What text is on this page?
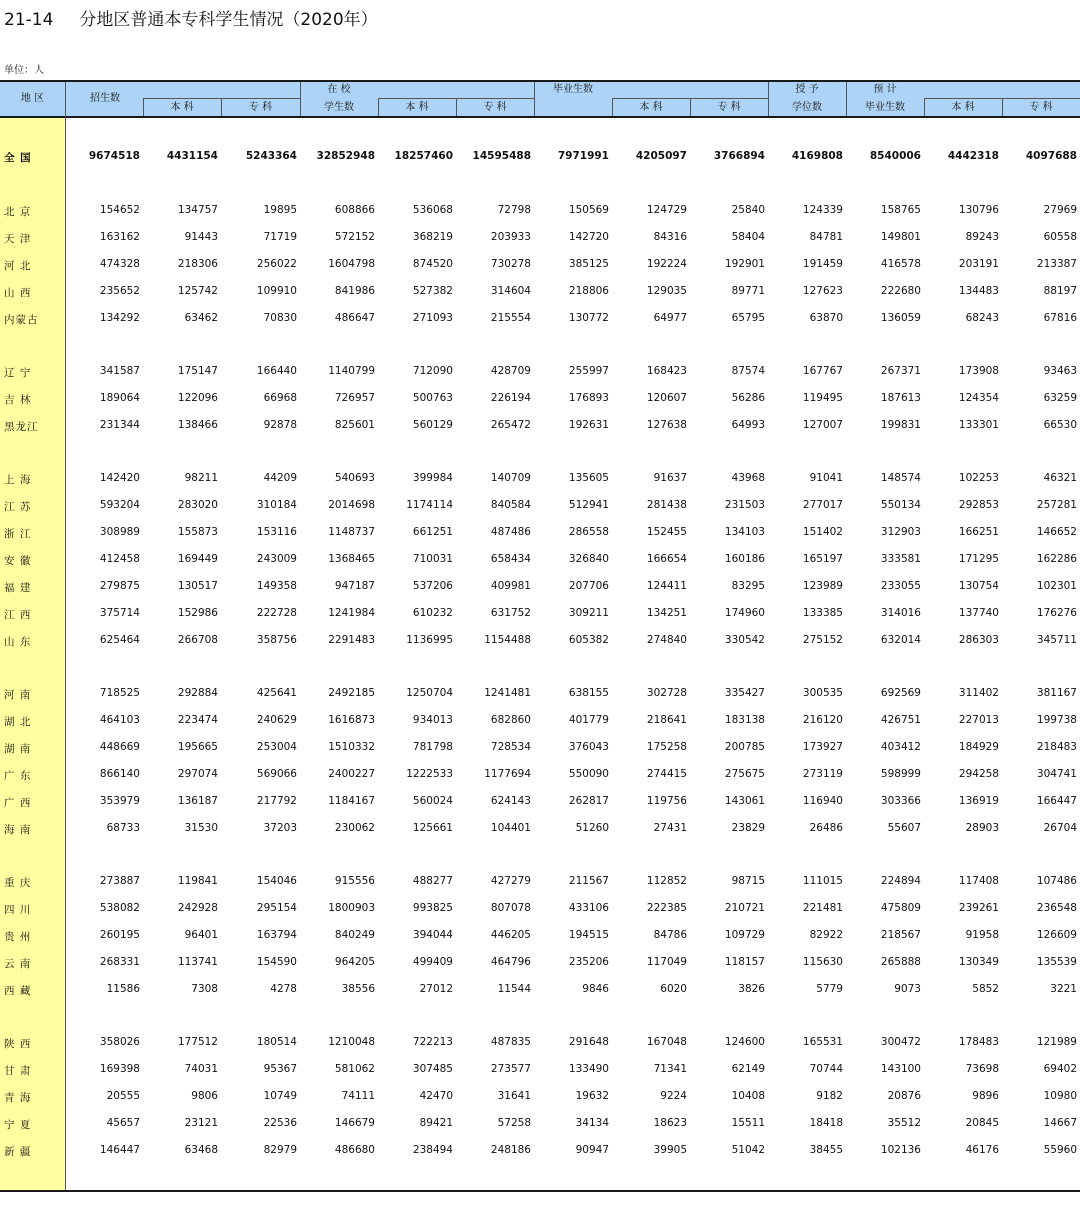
21-14 分地区普通本专科学生情况（2020年）
单位：人
地 区	招生数
本 科	专 科
在 校
学生数	本 科	专 科
毕业生数
本 科	专 科
授 予
学位数
预 计
毕业生数	本 科	专 科
全 国	9674518	4431154	5243364 32852948 18257460 14595488	7971991	4205097	3766894	4169808	8540006	4442318	4097688
北 京	154652	134757	19895	608866	536068	72798	150569	124729	25840	124339	158765	130796	27969
天 津	163162	91443	71719	572152	368219	203933	142720	84316	58404	84781	149801	89243	60558
河 北	474328	218306	256022	1604798	874520	730278	385125	192224	192901	191459	416578	203191	213387
山 西	235652	125742	109910	841986	527382	314604	218806	129035	89771	127623	222680	134483	88197
内蒙古	134292	63462	70830	486647	271093	215554	130772	64977	65795	63870	136059	68243	67816
辽 宁	341587	175147	166440	1140799	712090	428709	255997	168423	87574	167767	267371	173908	93463
吉 林	189064	122096	66968	726957	500763	226194	176893	120607	56286	119495	187613	124354	63259
黑龙江	231344	138466	92878	825601	560129	265472	192631	127638	64993	127007	199831	133301	66530
上 海	142420	98211	44209	540693	399984	140709	135605	91637	43968	91041	148574	102253	46321
江 苏	593204	283020	310184	2014698	1174114	840584	512941	281438	231503	277017	550134	292853	257281
浙 江	308989	155873	153116	1148737	661251	487486	286558	152455	134103	151402	312903	166251	146652
安 徽	412458	169449	243009	1368465	710031	658434	326840	166654	160186	165197	333581	171295	162286
福 建	279875	130517	149358	947187	537206	409981	207706	124411	83295	123989	233055	130754	102301
江 西	375714	152986	222728	1241984	610232	631752	309211	134251	174960	133385	314016	137740	176276
山 东	625464	266708	358756	2291483	1136995	1154488	605382	274840	330542	275152	632014	286303	345711
河 南	718525	292884	425641	2492185	1250704	1241481	638155	302728	335427	300535	692569	311402	381167
湖 北	464103	223474	240629	1616873	934013	682860	401779	218641	183138	216120	426751	227013	199738
湖 南	448669	195665	253004	1510332	781798	728534	376043	175258	200785	173927	403412	184929	218483
广 东	866140	297074	569066	2400227	1222533	1177694	550090	274415	275675	273119	598999	294258	304741
广 西	353979	136187	217792	1184167	560024	624143	262817	119756	143061	116940	303366	136919	166447
海 南	68733	31530	37203	230062	125661	104401	51260	27431	23829	26486	55607	28903	26704
重 庆	273887	119841	154046	915556	488277	427279	211567	112852	98715	111015	224894	117408	107486
四 川	538082	242928	295154	1800903	993825	807078	433106	222385	210721	221481	475809	239261	236548
贵 州	260195	96401	163794	840249	394044	446205	194515	84786	109729	82922	218567	91958	126609
云 南	268331	113741	154590	964205	499409	464796	235206	117049	118157	115630	265888	130349	135539
西 藏	11586	7308	4278	38556	27012	11544	9846	6020	3826	5779	9073	5852	3221
陕 西	358026	177512	180514	1210048	722213	487835	291648	167048	124600	165531	300472	178483	121989
甘 肃	169398	74031	95367	581062	307485	273577	133490	71341	62149	70744	143100	73698	69402
青 海	20555	9806	10749	74111	42470	31641	19632	9224	10408	9182	20876	9896	10980
宁 夏	45657	23121	22536	146679	89421	57258	34134	18623	15511	18418	35512	20845	14667
新 疆	146447	63468	82979	486680	238494	248186	90947	39905	51042	38455	102136	46176	55960
